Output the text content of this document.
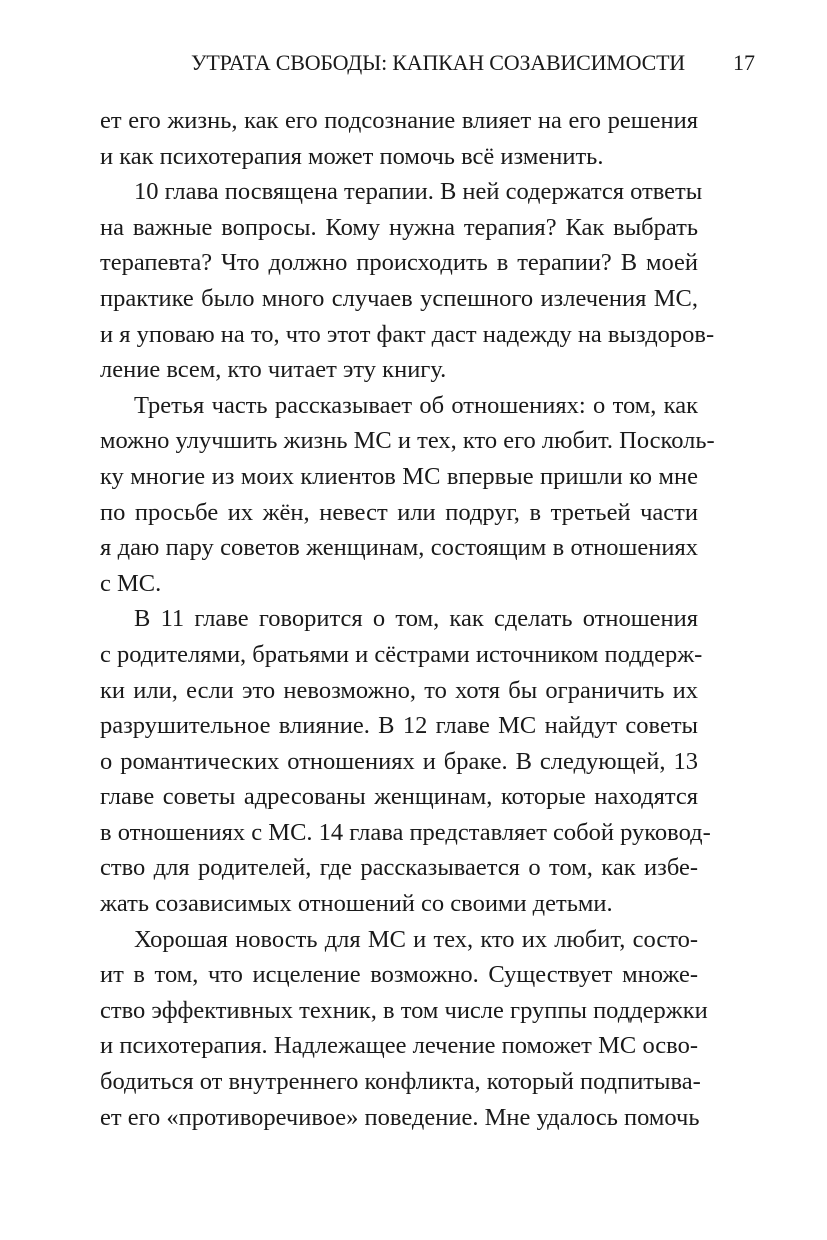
УТРАТА СВОБОДЫ: КАПКАН СОЗАВИСИМОСТИ 17
ет его жизнь, как его подсознание влияет на его решения
и как психотерапия может помочь всё изменить.
10 глава посвящена терапии. В ней содержатся ответы
на важные вопросы. Кому нужна терапия? Как выбрать
терапевта? Что должно происходить в терапии? В моей
практике было много случаев успешного излечения МС,
и я уповаю на то, что этот факт даст надежду на выздоров-
ление всем, кто читает эту книгу.
Третья часть рассказывает об отношениях: о том, как
можно улучшить жизнь МС и тех, кто его любит. Посколь-
ку многие из моих клиентов МС впервые пришли ко мне
по просьбе их жён, невест или подруг, в третьей части
я даю пару советов женщинам, состоящим в отношениях
с МС.
В 11 главе говорится о том, как сделать отношения
с родителями, братьями и сёстрами источником поддерж-
ки или, если это невозможно, то хотя бы ограничить их
разрушительное влияние. В 12 главе МС найдут советы
о романтических отношениях и браке. В следующей, 13
главе советы адресованы женщинам, которые находятся
в отношениях с МС. 14 глава представляет собой руковод-
ство для родителей, где рассказывается о том, как избе-
жать созависимых отношений со своими детьми.
Хорошая новость для МС и тех, кто их любит, состо-
ит в том, что исцеление возможно. Существует множе-
ство эффективных техник, в том числе группы поддержки
и психотерапия. Надлежащее лечение поможет МС осво-
бодиться от внутреннего конфликта, который подпитыва-
ет его «противоречивое» поведение. Мне удалось помочь
